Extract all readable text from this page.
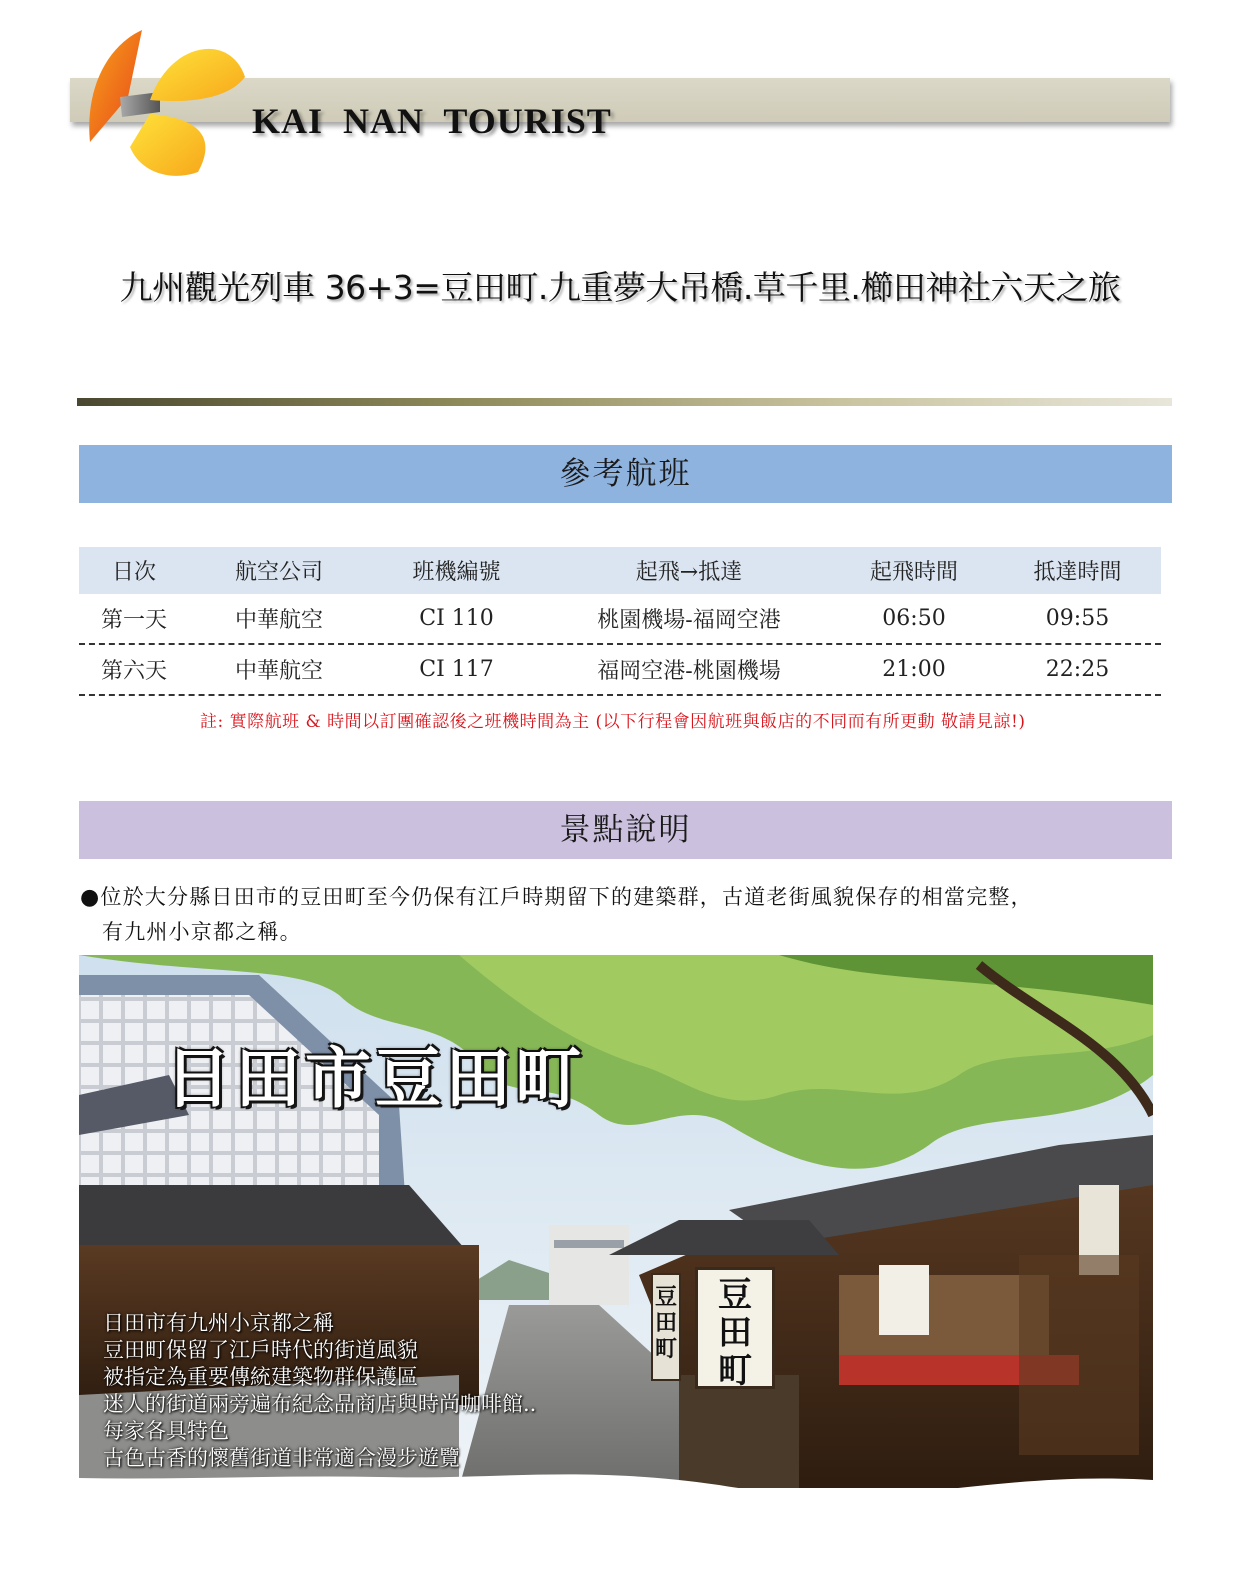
KAI NAN TOURIST
九州觀光列車 36+3=豆田町.九重夢大吊橋.草千里.櫛田神社六天之旅
參考航班
日次	航空公司	班機編號	起飛→抵達	起飛時間	抵達時間
第一天	中華航空	CI 110	桃園機場-福岡空港	06:50	09:55
第六天	中華航空	CI 117	福岡空港-桃園機場	21:00	22:25
註: 實際航班 & 時間以訂團確認後之班機時間為主 (以下行程會因航班與飯店的不同而有所更動 敬請見諒!)
景點說明
●位於大分縣日田市的豆田町至今仍保有江戶時期留下的建築群，古道老街風貌保存的相當完整，
有九州小京都之稱。
日田市豆田町
豆
田
町
豆
田
町
日田市有九州小京都之稱
豆田町保留了江戶時代的街道風貌
被指定為重要傳統建築物群保護區
迷人的街道兩旁遍布紀念品商店與時尚咖啡館..
每家各具特色
古色古香的懷舊街道非常適合漫步遊覽
